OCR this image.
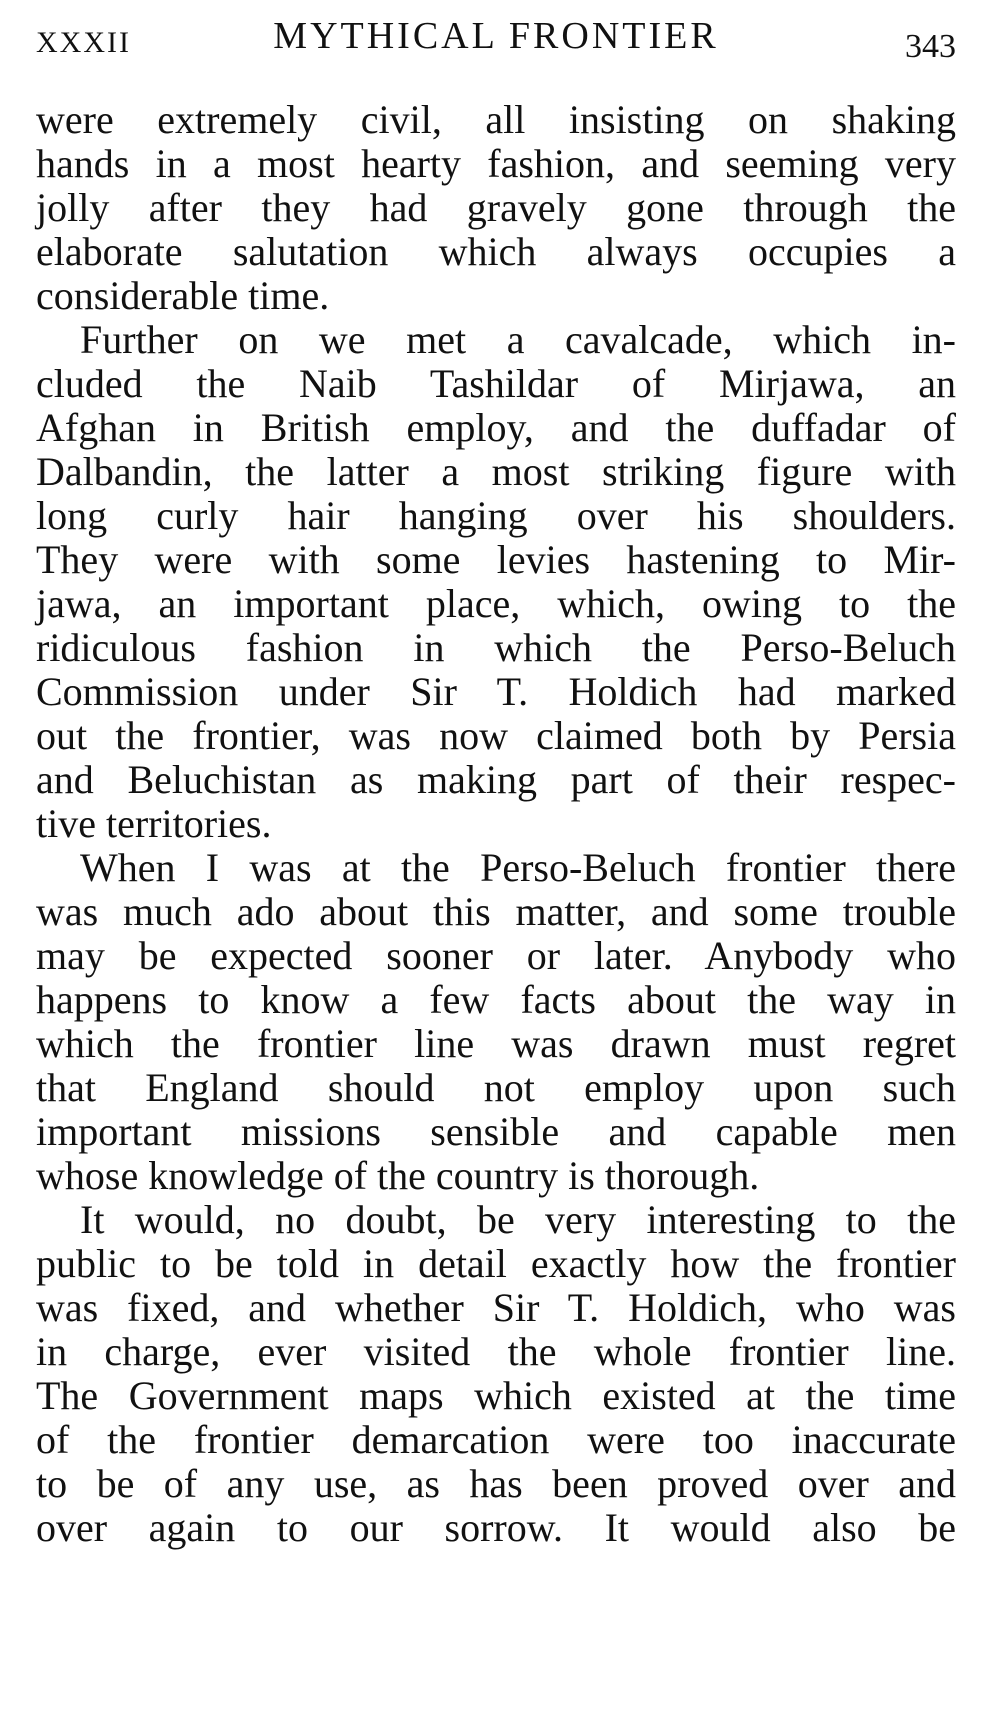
XXXII	MYTHICAL FRONTIER	343
were extremely civil, all insisting on shaking
hands in a most hearty fashion, and seeming very
jolly after they had gravely gone through the
elaborate salutation which always occupies a
considerable time.
Further on we met a cavalcade, which in-
cluded the Naib Tashildar of Mirjawa, an
Afghan in British employ, and the duffadar of
Dalbandin, the latter a most striking figure with
long curly hair hanging over his shoulders.
They were with some levies hastening to Mir-
jawa, an important place, which, owing to the
ridiculous fashion in which the Perso-Beluch
Commission under Sir T. Holdich had marked
out the frontier, was now claimed both by Persia
and Beluchistan as making part of their respec-
tive territories.
When I was at the Perso-Beluch frontier there
was much ado about this matter, and some trouble
may be expected sooner or later. Anybody who
happens to know a few facts about the way in
which the frontier line was drawn must regret
that England should not employ upon such
important missions sensible and capable men
whose knowledge of the country is thorough.
It would, no doubt, be very interesting to the
public to be told in detail exactly how the frontier
was fixed, and whether Sir T. Holdich, who was
in charge, ever visited the whole frontier line.
The Government maps which existed at the time
of the frontier demarcation were too inaccurate
to be of any use, as has been proved over and
over again to our sorrow. It would also be
